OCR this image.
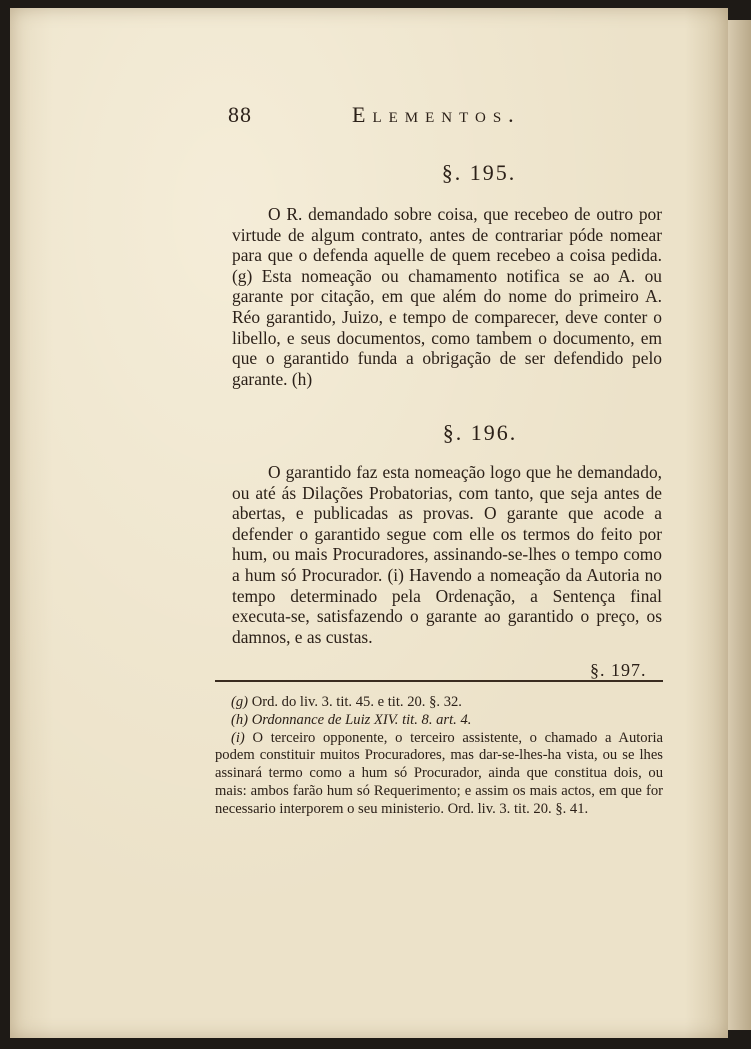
88	Elementos.
§. 195.

O R. demandado sobre coisa, que recebeo de outro por virtude de algum contrato, antes de contrariar póde nomear para que o defenda aquelle de quem recebeo a coisa pedida. (g) Esta nomeação ou chamamento notifica se ao A. ou garante por citação, em que além do nome do primeiro A. Réo garantido, Juizo, e tempo de comparecer, deve conter o libello, e seus documentos, como tambem o documento, em que o garantido funda a obrigação de ser defendido pelo garante. (h)

§. 196.

O garantido faz esta nomeação logo que he demandado, ou até ás Dilações Probatorias, com tanto, que seja antes de abertas, e publicadas as provas. O garante que acode a defender o garantido segue com elle os termos do feito por hum, ou mais Procuradores, assinando-se-lhes o tempo como a hum só Procurador. (i) Havendo a nomeação da Autoria no tempo determinado pela Ordenação, a Sentença final executa-se, satisfazendo o garante ao garantido o preço, os damnos, e as custas.

§. 197.

(g) Ord. do liv. 3. tit. 45. e tit. 20. §. 32.

(h) Ordonnance de Luiz XIV. tit. 8. art. 4.

(i) O terceiro opponente, o terceiro assistente, o chamado a Autoria podem constituir muitos Procuradores, mas dar-se-lhes-ha vista, ou se lhes assinará termo como a hum só Procurador, ainda que constitua dois, ou mais: ambos farão hum só Requerimento; e assim os mais actos, em que for necessario interporem o seu ministerio. Ord. liv. 3. tit. 20. §. 41.
